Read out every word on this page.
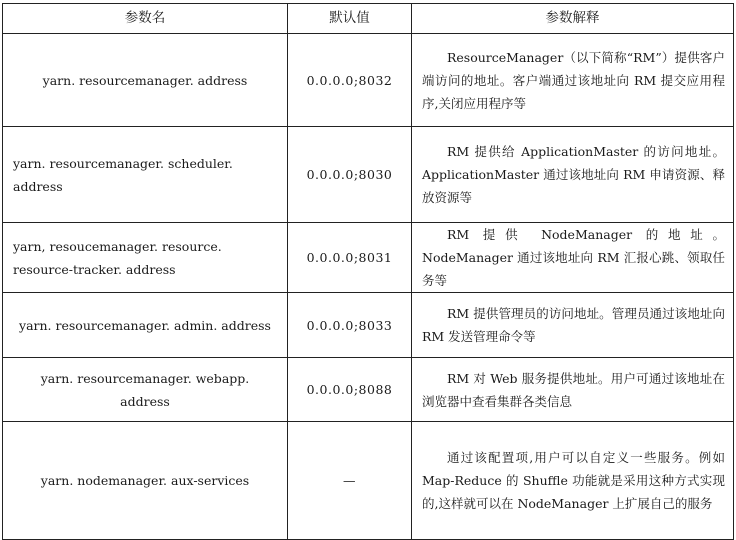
参数名	默认值	参数解释
yarn. resourcemanager. address	0.0.0.0;8032	ResourceManager（以下简称“RM”）提供客户端访问的地址。客户端通过该地址向 RM 提交应用程序,关闭应用程序等
yarn. resourcemanager. scheduler. address	0.0.0.0;8030	RM 提供给 ApplicationMaster 的访问地址。ApplicationMaster 通过该地址向 RM 申请资源、释放资源等
yarn, resoucemanager. resource. resource-tracker. address	0.0.0.0;8031	RM 提供 NodeManager 的地址。NodeManager 通过该地址向 RM 汇报心跳、领取任务等
yarn. resourcemanager. admin. address	0.0.0.0;8033	RM 提供管理员的访问地址。管理员通过该地址向 RM 发送管理命令等
yarn. resourcemanager. webapp. address	0.0.0.0;8088	RM 对 Web 服务提供地址。用户可通过该地址在浏览器中查看集群各类信息
yarn. nodemanager. aux-services	—	通过该配置项,用户可以自定义一些服务。例如 Map-Reduce 的 Shuffle 功能就是采用这种方式实现的,这样就可以在 NodeManager 上扩展自己的服务
